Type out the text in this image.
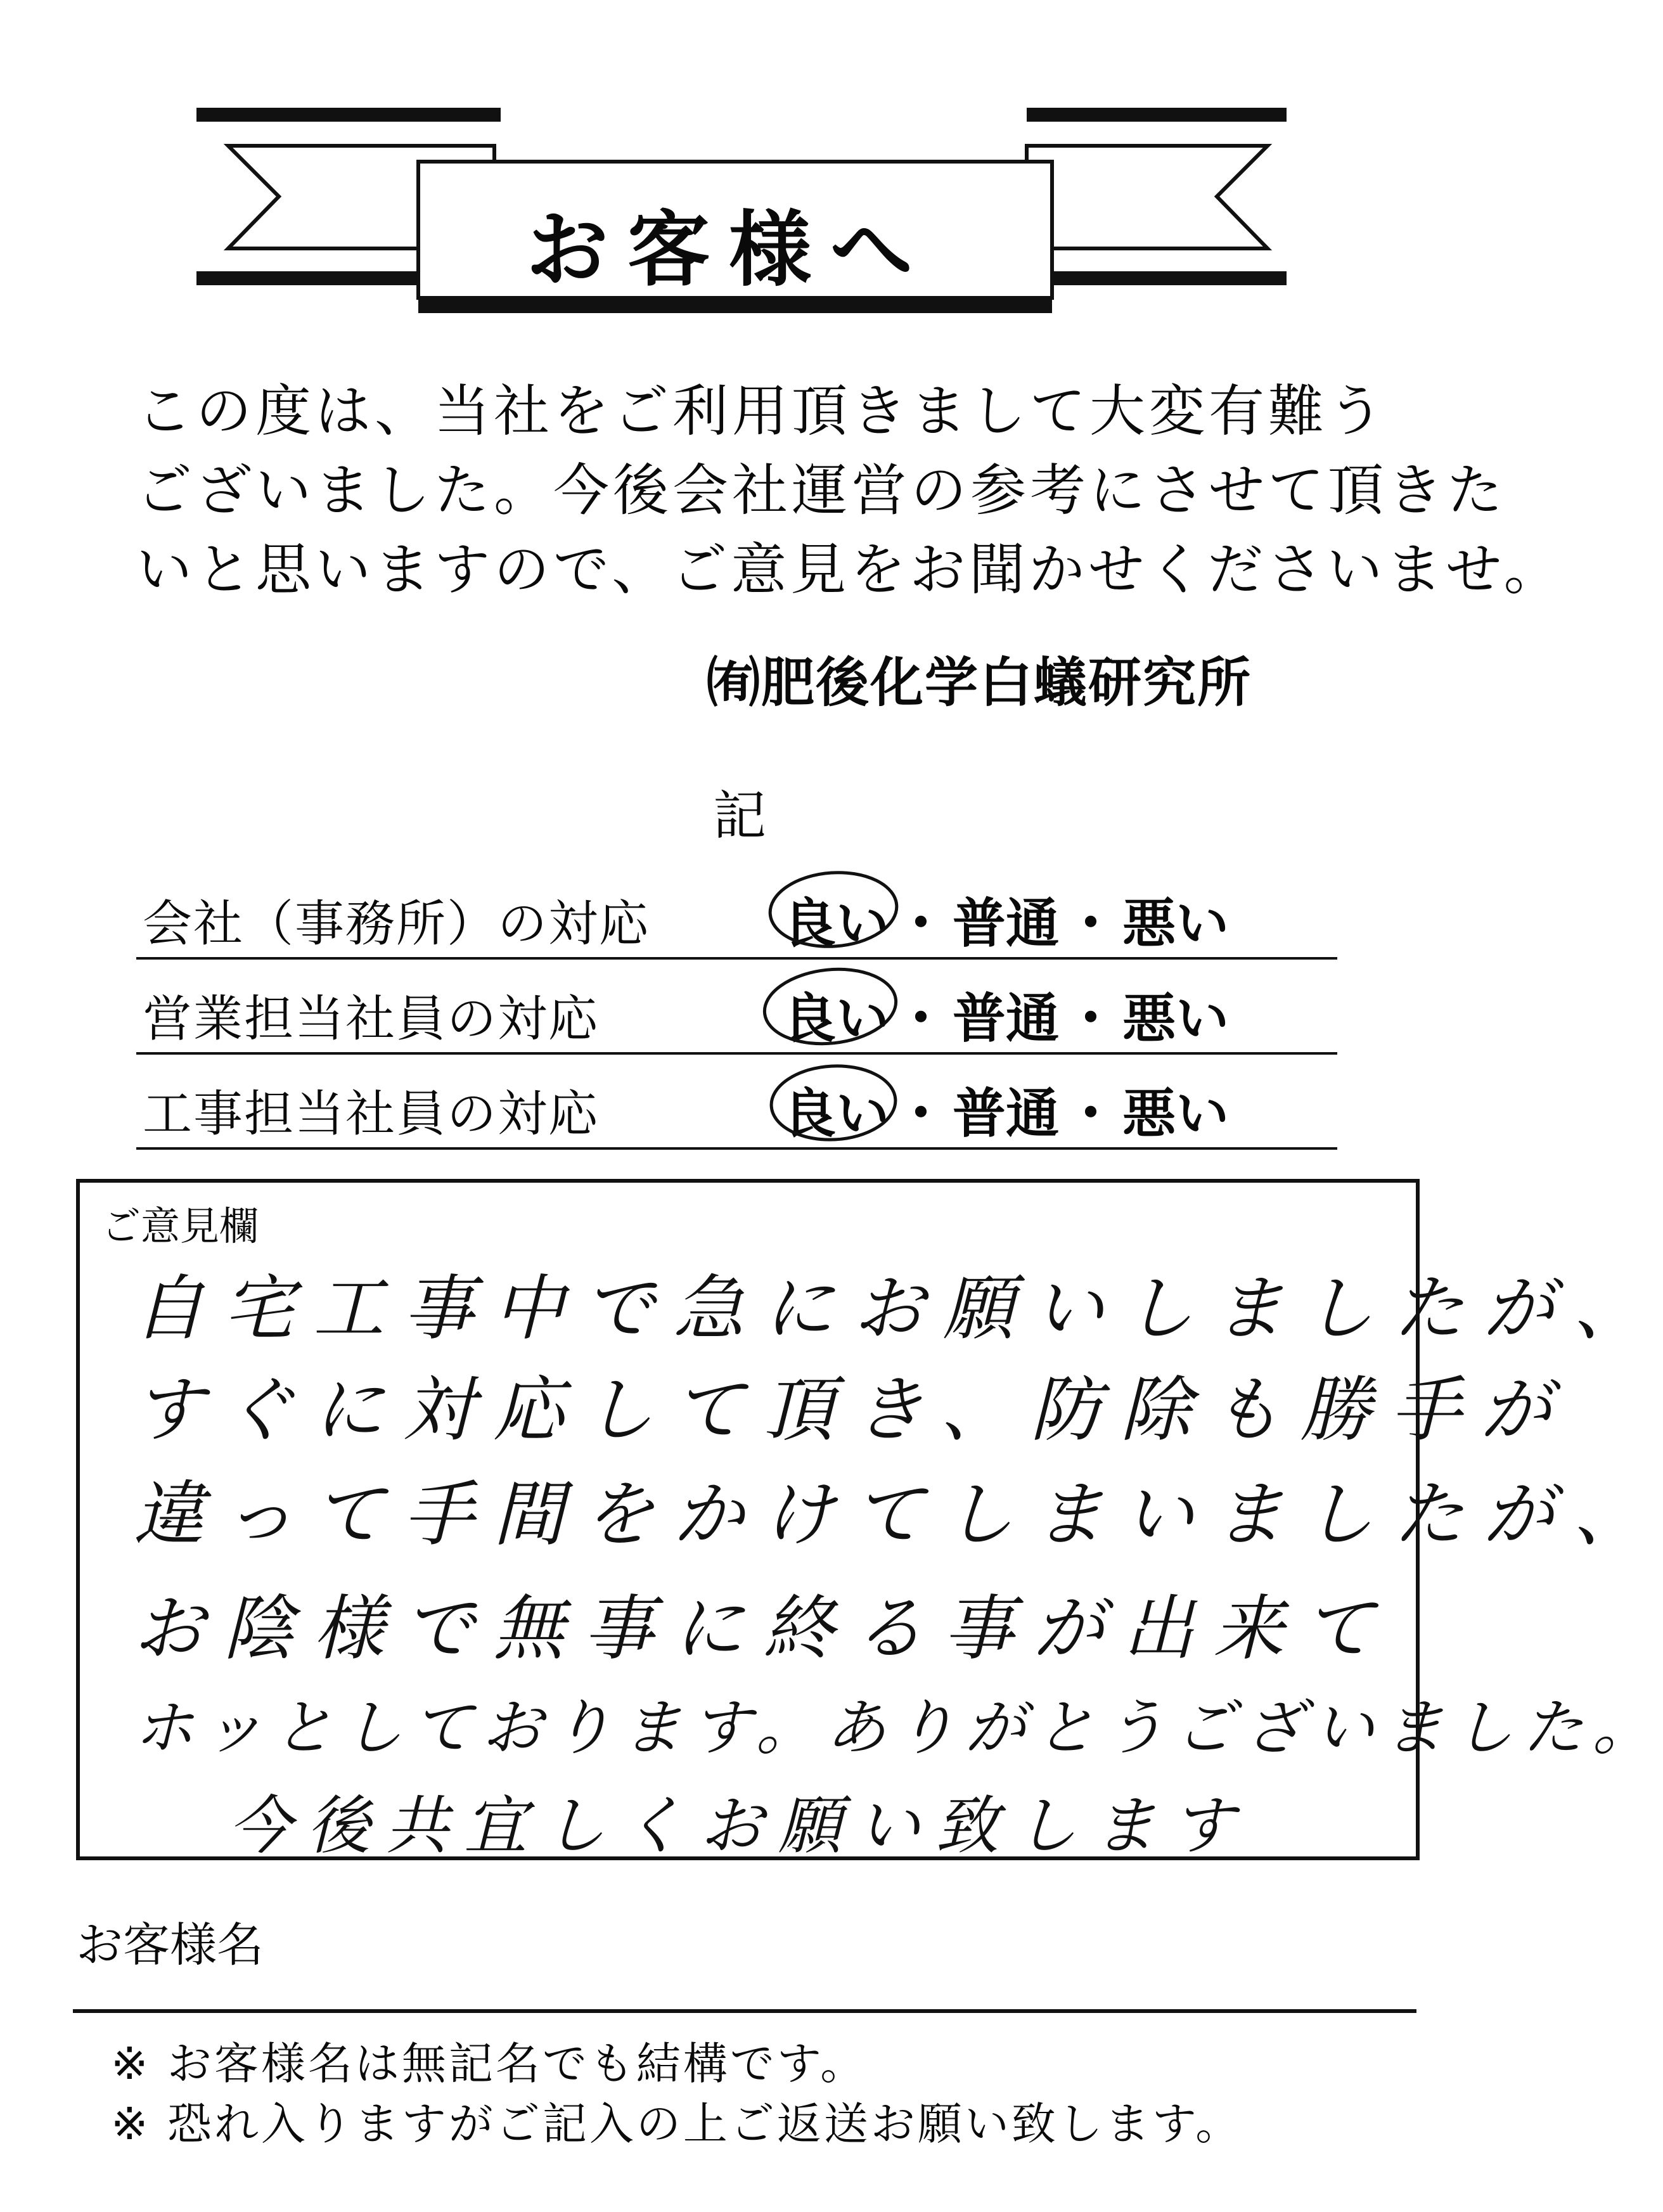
お客様へ
この度は、当社をご利用頂きまして大変有難う
ございました。今後会社運営の参考にさせて頂きた
いと思いますので、ご意見をお聞かせくださいませ。
㈲肥後化学白蟻研究所
記
会社（事務所）の対応 良い・普通・悪い
営業担当社員の対応	良い・普通・悪い
工事担当社員の対応	良い・普通・悪い
ご意見欄
自宅工事中で急にお願いしましたが、
すぐに対応して頂き、防除も勝手が
違って手間をかけてしまいましたが、
お陰様で無事に終る事が出来て
ホッとしております。ありがとうございました。
今後共宜しくお願い致します
お客様名
※ お客様名は無記名でも結構です。
※ 恐れ入りますがご記入の上ご返送お願い致します。
